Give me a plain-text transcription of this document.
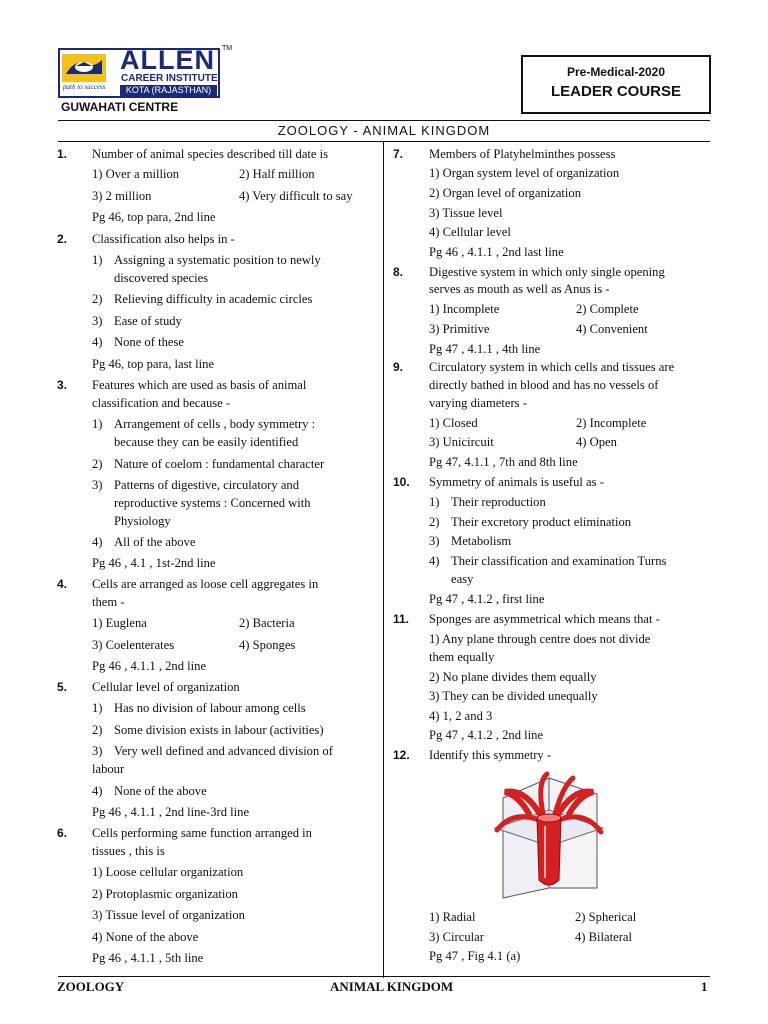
path to success
ALLEN
CAREER INSTITUTE
KOTA (RAJASTHAN)
TM
GUWAHATI CENTRE
Pre-Medical-2020
LEADER COURSE
ZOOLOGY - ANIMAL KINGDOM
1. Number of animal species described till date is
1) Over a million	2) Half million
3) 2 million	4) Very difficult to say
Pg 46, top para, 2nd line
2. Classification also helps in -
1) Assigning a systematic position to newly
discovered species
2) Relieving difficulty in academic circles
3) Ease of study
4) None of these
Pg 46, top para, last line
3. Features which are used as basis of animal
classification and because -
1) Arrangement of cells , body symmetry :
because they can be easily identified
2) Nature of coelom : fundamental character
3) Patterns of digestive, circulatory and
reproductive systems : Concerned with
Physiology
4) All of the above
Pg 46 , 4.1 , 1st-2nd line
4. Cells are arranged as loose cell aggregates in
them -
1) Euglena	2) Bacteria
3) Coelenterates	4) Sponges
Pg 46 , 4.1.1 , 2nd line
5. Cellular level of organization
1) Has no division of labour among cells
2) Some division exists in labour (activities)
3) Very well defined and advanced division of
labour
4) None of the above
Pg 46 , 4.1.1 , 2nd line-3rd line
6. Cells performing same function arranged in
tissues , this is
1) Loose cellular organization
2) Protoplasmic organization
3) Tissue level of organization
4) None of the above
Pg 46 , 4.1.1 , 5th line
7. Members of Platyhelminthes possess
1) Organ system level of organization
2) Organ level of organization
3) Tissue level
4) Cellular level
Pg 46 , 4.1.1 , 2nd last line
8. Digestive system in which only single opening
serves as mouth as well as Anus is -
1) Incomplete	2) Complete
3) Primitive	4) Convenient
Pg 47 , 4.1.1 , 4th line
9. Circulatory system in which cells and tissues are
directly bathed in blood and has no vessels of
varying diameters -
1) Closed	2) Incomplete
3) Unicircuit	4) Open
Pg 47, 4.1.1 , 7th and 8th line
10. Symmetry of animals is useful as -
1) Their reproduction
2) Their excretory product elimination
3) Metabolism
4) Their classification and examination Turns
easy
Pg 47 , 4.1.2 , first line
11. Sponges are asymmetrical which means that -
1) Any plane through centre does not divide
them equally
2) No plane divides them equally
3) They can be divided unequally
4) 1, 2 and 3
Pg 47 , 4.1.2 , 2nd line
12. Identify this symmetry -
1) Radial	2) Spherical
3) Circular	4) Bilateral
Pg 47 , Fig 4.1 (a)
ZOOLOGY	ANIMAL KINGDOM	1
